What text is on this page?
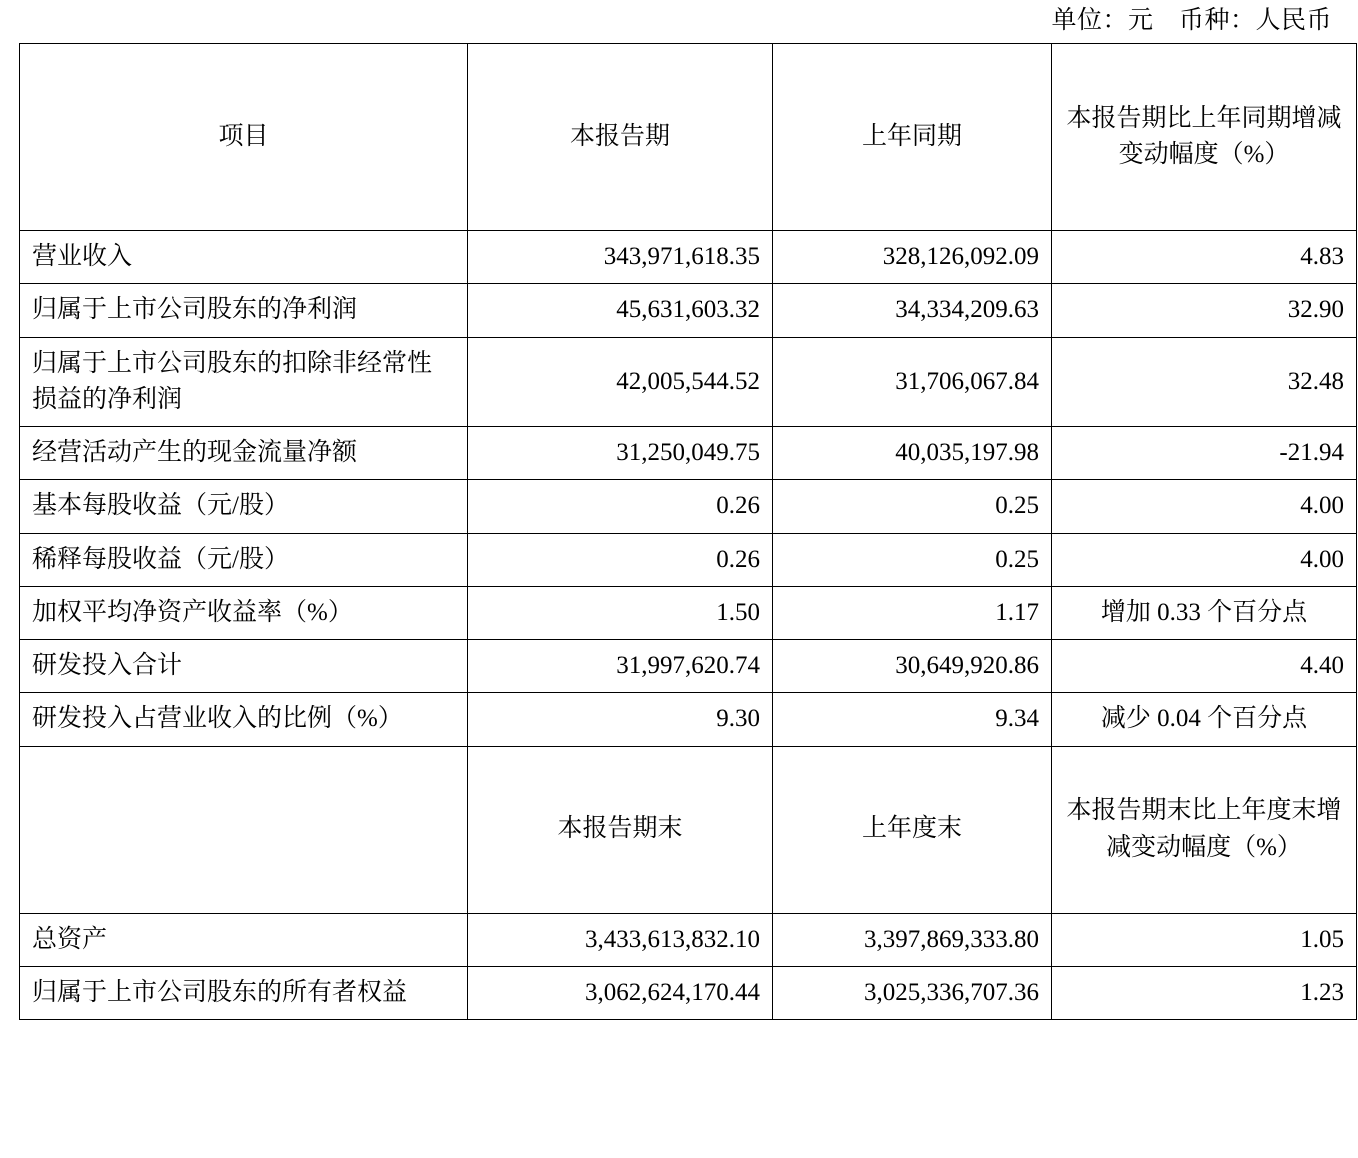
单位：元　币种：人民币
项目	本报告期	上年同期	本报告期比上年同期增减变动幅度（%）
营业收入	343,971,618.35	328,126,092.09	4.83
归属于上市公司股东的净利润	45,631,603.32	34,334,209.63	32.90
归属于上市公司股东的扣除非经常性损益的净利润	42,005,544.52	31,706,067.84	32.48
经营活动产生的现金流量净额	31,250,049.75	40,035,197.98	-21.94
基本每股收益（元/股）	0.26	0.25	4.00
稀释每股收益（元/股）	0.26	0.25	4.00
加权平均净资产收益率（%）	1.50	1.17	增加 0.33 个百分点
研发投入合计	31,997,620.74	30,649,920.86	4.40
研发投入占营业收入的比例（%）	9.30	9.34	减少 0.04 个百分点
	本报告期末	上年度末	本报告期末比上年度末增减变动幅度（%）
总资产	3,433,613,832.10	3,397,869,333.80	1.05
归属于上市公司股东的所有者权益	3,062,624,170.44	3,025,336,707.36	1.23
